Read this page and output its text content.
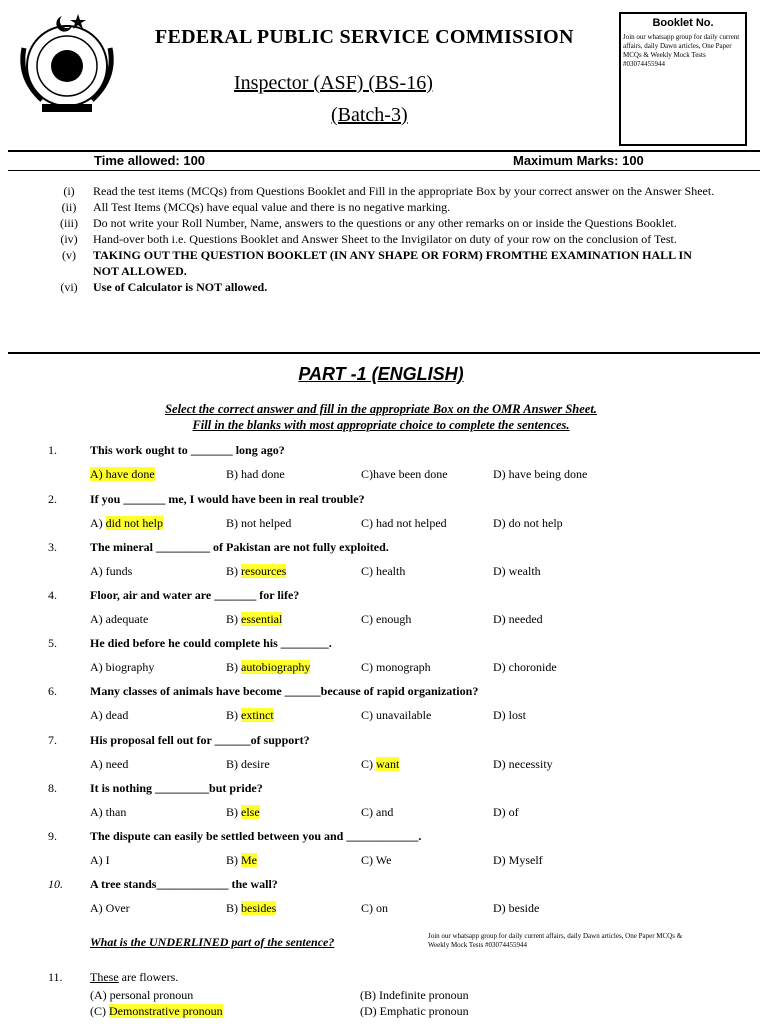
FEDERAL PUBLIC SERVICE COMMISSION
Inspector (ASF) (BS-16)
(Batch-3)
Booklet No.
Join our whatsapp group for daily current affairs, daily Dawn articles, One Paper MCQs & Weekly Mock Tests #03074455944
Time allowed: 100	Maximum Marks: 100
(i)	Read the test items (MCQs) from Questions Booklet and Fill in the appropriate Box by your correct answer on the Answer Sheet.
(ii)	All Test Items (MCQs) have equal value and there is no negative marking.
(iii)	Do not write your Roll Number, Name, answers to the questions or any other remarks on or inside the Questions Booklet.
(iv)	Hand-over both i.e. Questions Booklet and Answer Sheet to the Invigilator on duty of your row on the conclusion of Test.
(v)	TAKING OUT THE QUESTION BOOKLET (IN ANY SHAPE OR FORM) FROMTHE EXAMINATION HALL IN NOT ALLOWED.
(vi)	Use of Calculator is NOT allowed.
PART -1 (ENGLISH)
Select the correct answer and fill in the appropriate Box on the OMR Answer Sheet.
Fill in the blanks with most appropriate choice to complete the sentences.
1.	This work ought to _______ long ago?
A) have done	B) had done	C)have been done	D) have being done
2.	If you _______ me, I would have been in real trouble?
A) did not help	B) not helped	C) had not helped	D) do not help
3.	The mineral _________ of Pakistan are not fully exploited.
A) funds	B) resources	C) health	D) wealth
4.	Floor, air and water are _______ for life?
A) adequate	B) essential	C) enough	D) needed
5.	He died before he could complete his ________.
A) biography	B) autobiography	C) monograph	D) choronide
6.	Many classes of animals have become ______because of rapid organization?
A) dead	B) extinct	C) unavailable	D) lost
7.	His proposal fell out for ______of support?
A) need	B) desire	C) want	D) necessity
8.	It is nothing _________but pride?
A) than	B) else	C) and	D) of
9.	The dispute can easily be settled between you and ____________.
A) I	B) Me	C) We	D) Myself
10.	A tree stands____________ the wall?
A) Over	B) besides	C) on	D) beside
What is the UNDERLINED part of the sentence?	Join our whatsapp group for daily current affairs, daily Dawn articles, One Paper MCQs & Weekly Mock Tests #03074455944
11.	These are flowers.
(A) personal pronoun	(B) Indefinite pronoun
(C) Demonstrative pronoun	(D) Emphatic pronoun
